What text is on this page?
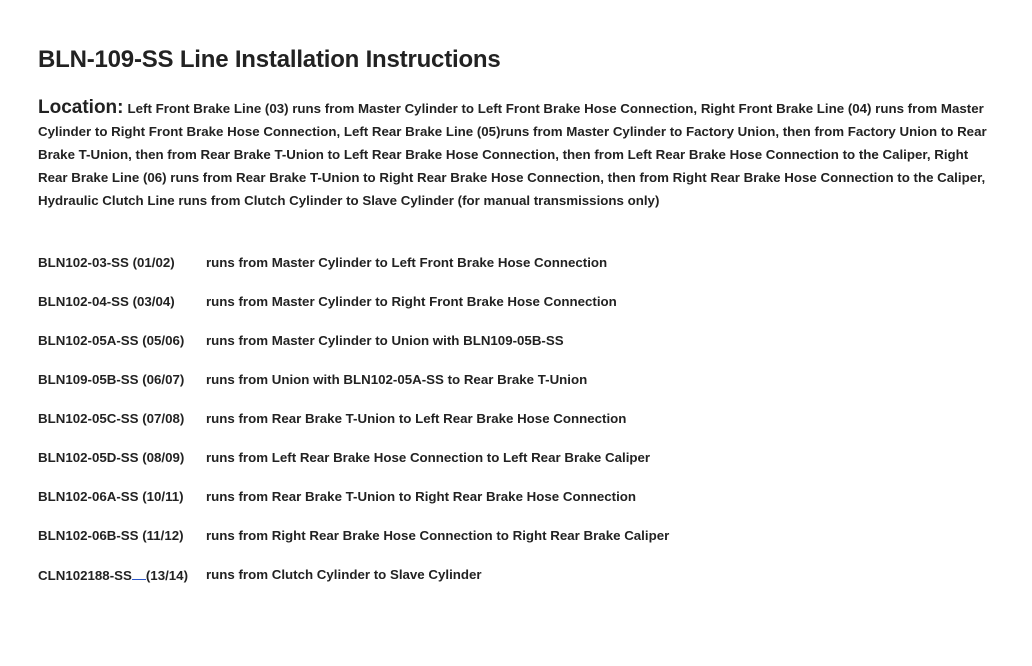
BLN-109-SS Line Installation Instructions
Location: Left Front Brake Line (03) runs from Master Cylinder to Left Front Brake Hose Connection, Right Front Brake Line (04) runs from Master Cylinder to Right Front Brake Hose Connection, Left Rear Brake Line (05)runs from Master Cylinder to Factory Union, then from Factory Union to Rear Brake T-Union, then from Rear Brake T-Union to Left Rear Brake Hose Connection, then from Left Rear Brake Hose Connection to the Caliper, Right Rear Brake Line (06) runs from Rear Brake T-Union to Right Rear Brake Hose Connection, then from Right Rear Brake Hose Connection to the Caliper, Hydraulic Clutch Line runs from Clutch Cylinder to Slave Cylinder (for manual transmissions only)
BLN102-03-SS (01/02)	runs from Master Cylinder to Left Front Brake Hose Connection
BLN102-04-SS (03/04)	runs from Master Cylinder to Right Front Brake Hose Connection
BLN102-05A-SS (05/06)	runs from Master Cylinder to Union with BLN109-05B-SS
BLN109-05B-SS (06/07)	runs from Union with BLN102-05A-SS to Rear Brake T-Union
BLN102-05C-SS (07/08)	runs from Rear Brake T-Union to Left Rear Brake Hose Connection
BLN102-05D-SS (08/09)	runs from Left Rear Brake Hose Connection to Left Rear Brake Caliper
BLN102-06A-SS (10/11)	runs from Rear Brake T-Union to Right Rear Brake Hose Connection
BLN102-06B-SS (11/12)	runs from Right Rear Brake Hose Connection to Right Rear Brake Caliper
CLN102188-SS (13/14)	runs from Clutch Cylinder to Slave Cylinder
